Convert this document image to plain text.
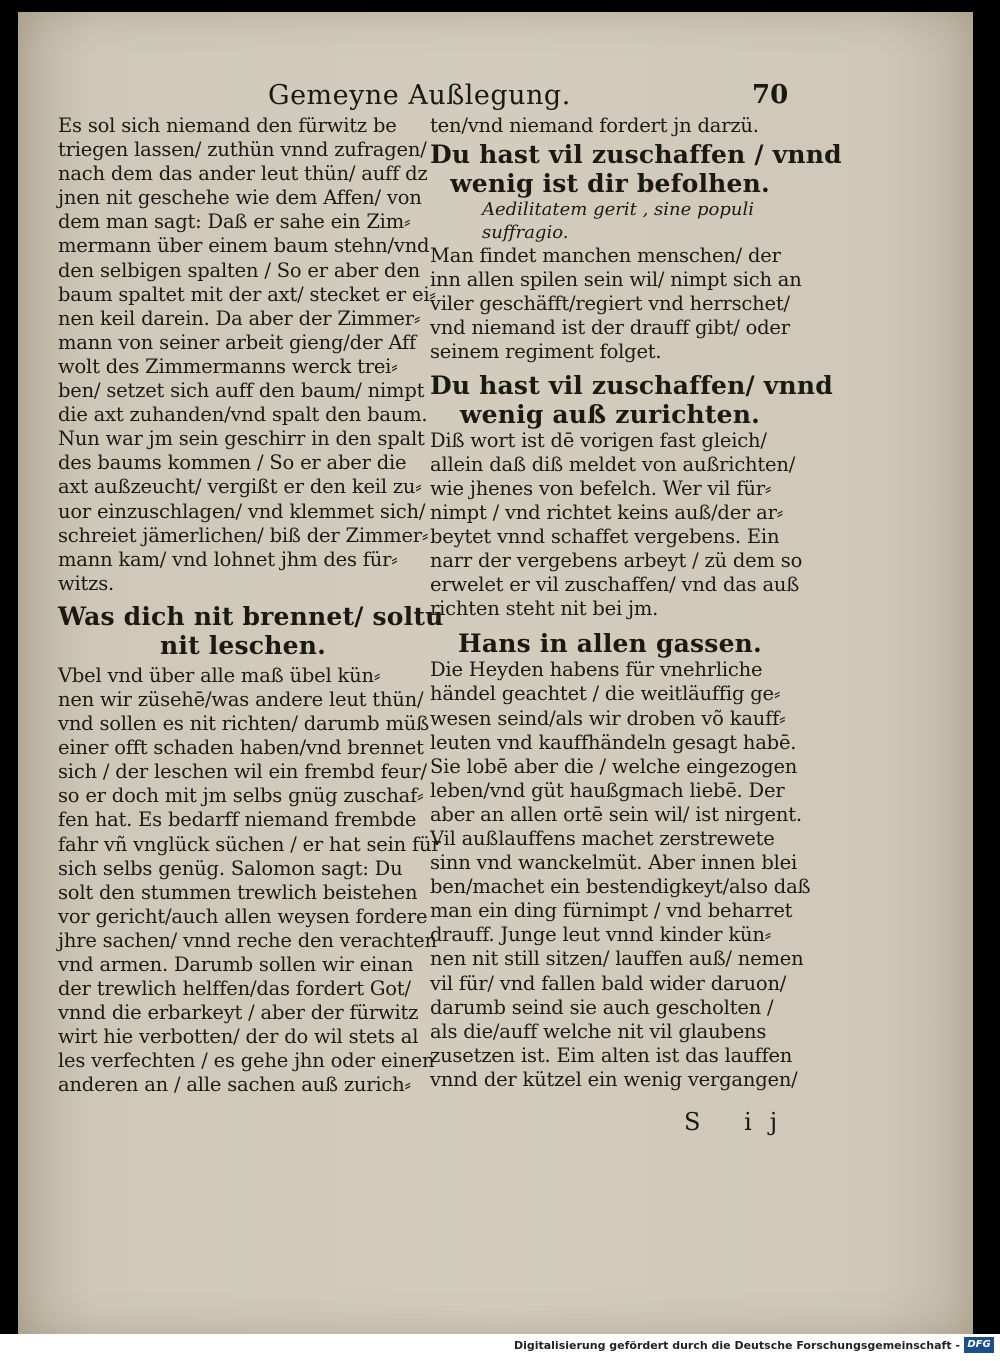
Gemeyne Außlegung.	70
Es sol sich niemand den fürwitz be
triegen lassen/ zuthün vnnd zufragen/
nach dem das ander leut thün/ auff dz
jnen nit geschehe wie dem Affen/ von
dem man sagt: Daß er sahe ein Zim⸗
mermann über einem baum stehn/vnd
den selbigen spalten / So er aber den
baum spaltet mit der axt/ stecket er ei⸗
nen keil darein. Da aber der Zimmer⸗
mann von seiner arbeit gieng/der Aff
wolt des Zimmermanns werck trei⸗
ben/ setzet sich auff den baum/ nimpt
die axt zuhanden/vnd spalt den baum.
Nun war jm sein geschirr in den spalt
des baums kommen / So er aber die
axt außzeucht/ vergißt er den keil zu⸗
uor einzuschlagen/ vnd klemmet sich/
schreiet jämerlichen/ biß der Zimmer⸗
mann kam/ vnd lohnet jhm des für⸗
witzs.
Was dich nit brennet/ soltu
nit leschen.
Vbel vnd über alle maß übel kün⸗
nen wir züsehē/was andere leut thün/
vnd sollen es nit richten/ darumb müß
einer offt schaden haben/vnd brennet
sich / der leschen wil ein frembd feur/
so er doch mit jm selbs gnüg zuschaf⸗
fen hat. Es bedarff niemand frembde
fahr vñ vnglück süchen / er hat sein für
sich selbs genüg. Salomon sagt: Du
solt den stummen trewlich beistehen
vor gericht/auch allen weysen fordere
jhre sachen/ vnnd reche den verachten
vnd armen. Darumb sollen wir einan
der trewlich helffen/das fordert Got/
vnnd die erbarkeyt / aber der fürwitz
wirt hie verbotten/ der do wil stets al
les verfechten / es gehe jhn oder einen
anderen an / alle sachen auß zurich⸗
ten/vnd niemand fordert jn darzü.
Du hast vil zuschaffen / vnnd
wenig ist dir befolhen.
Aedilitatem gerit , sine populi
suffragio.
Man findet manchen menschen/ der
inn allen spilen sein wil/ nimpt sich an
viler geschäfft/regiert vnd herrschet/
vnd niemand ist der drauff gibt/ oder
seinem regiment folget.
Du hast vil zuschaffen/ vnnd
wenig auß zurichten.
Diß wort ist dē vorigen fast gleich/
allein daß diß meldet von außrichten/
wie jhenes von befelch. Wer vil für⸗
nimpt / vnd richtet keins auß/der ar⸗
beytet vnnd schaffet vergebens. Ein
narr der vergebens arbeyt / zü dem so
erwelet er vil zuschaffen/ vnd das auß
richten steht nit bei jm.
Hans in allen gassen.
Die Heyden habens für vnehrliche
händel geachtet / die weitläuffig ge⸗
wesen seind/als wir droben võ kauff⸗
leuten vnd kauffhändeln gesagt habē.
Sie lobē aber die / welche eingezogen
leben/vnd güt haußgmach liebē. Der
aber an allen ortē sein wil/ ist nirgent.
Vil außlauffens machet zerstrewete
sinn vnd wanckelmüt. Aber innen blei
ben/machet ein bestendigkeyt/also daß
man ein ding fürnimpt / vnd beharret
drauff. Junge leut vnnd kinder kün⸗
nen nit still sitzen/ lauffen auß/ nemen
vil für/ vnd fallen bald wider daruon/
darumb seind sie auch gescholten /
als die/auff welche nit vil glaubens
zusetzen ist. Eim alten ist das lauffen
vnnd der kützel ein wenig vergangen/
S ij
Digitalisierung gefördert durch die Deutsche Forschungsgemeinschaft - DFG
